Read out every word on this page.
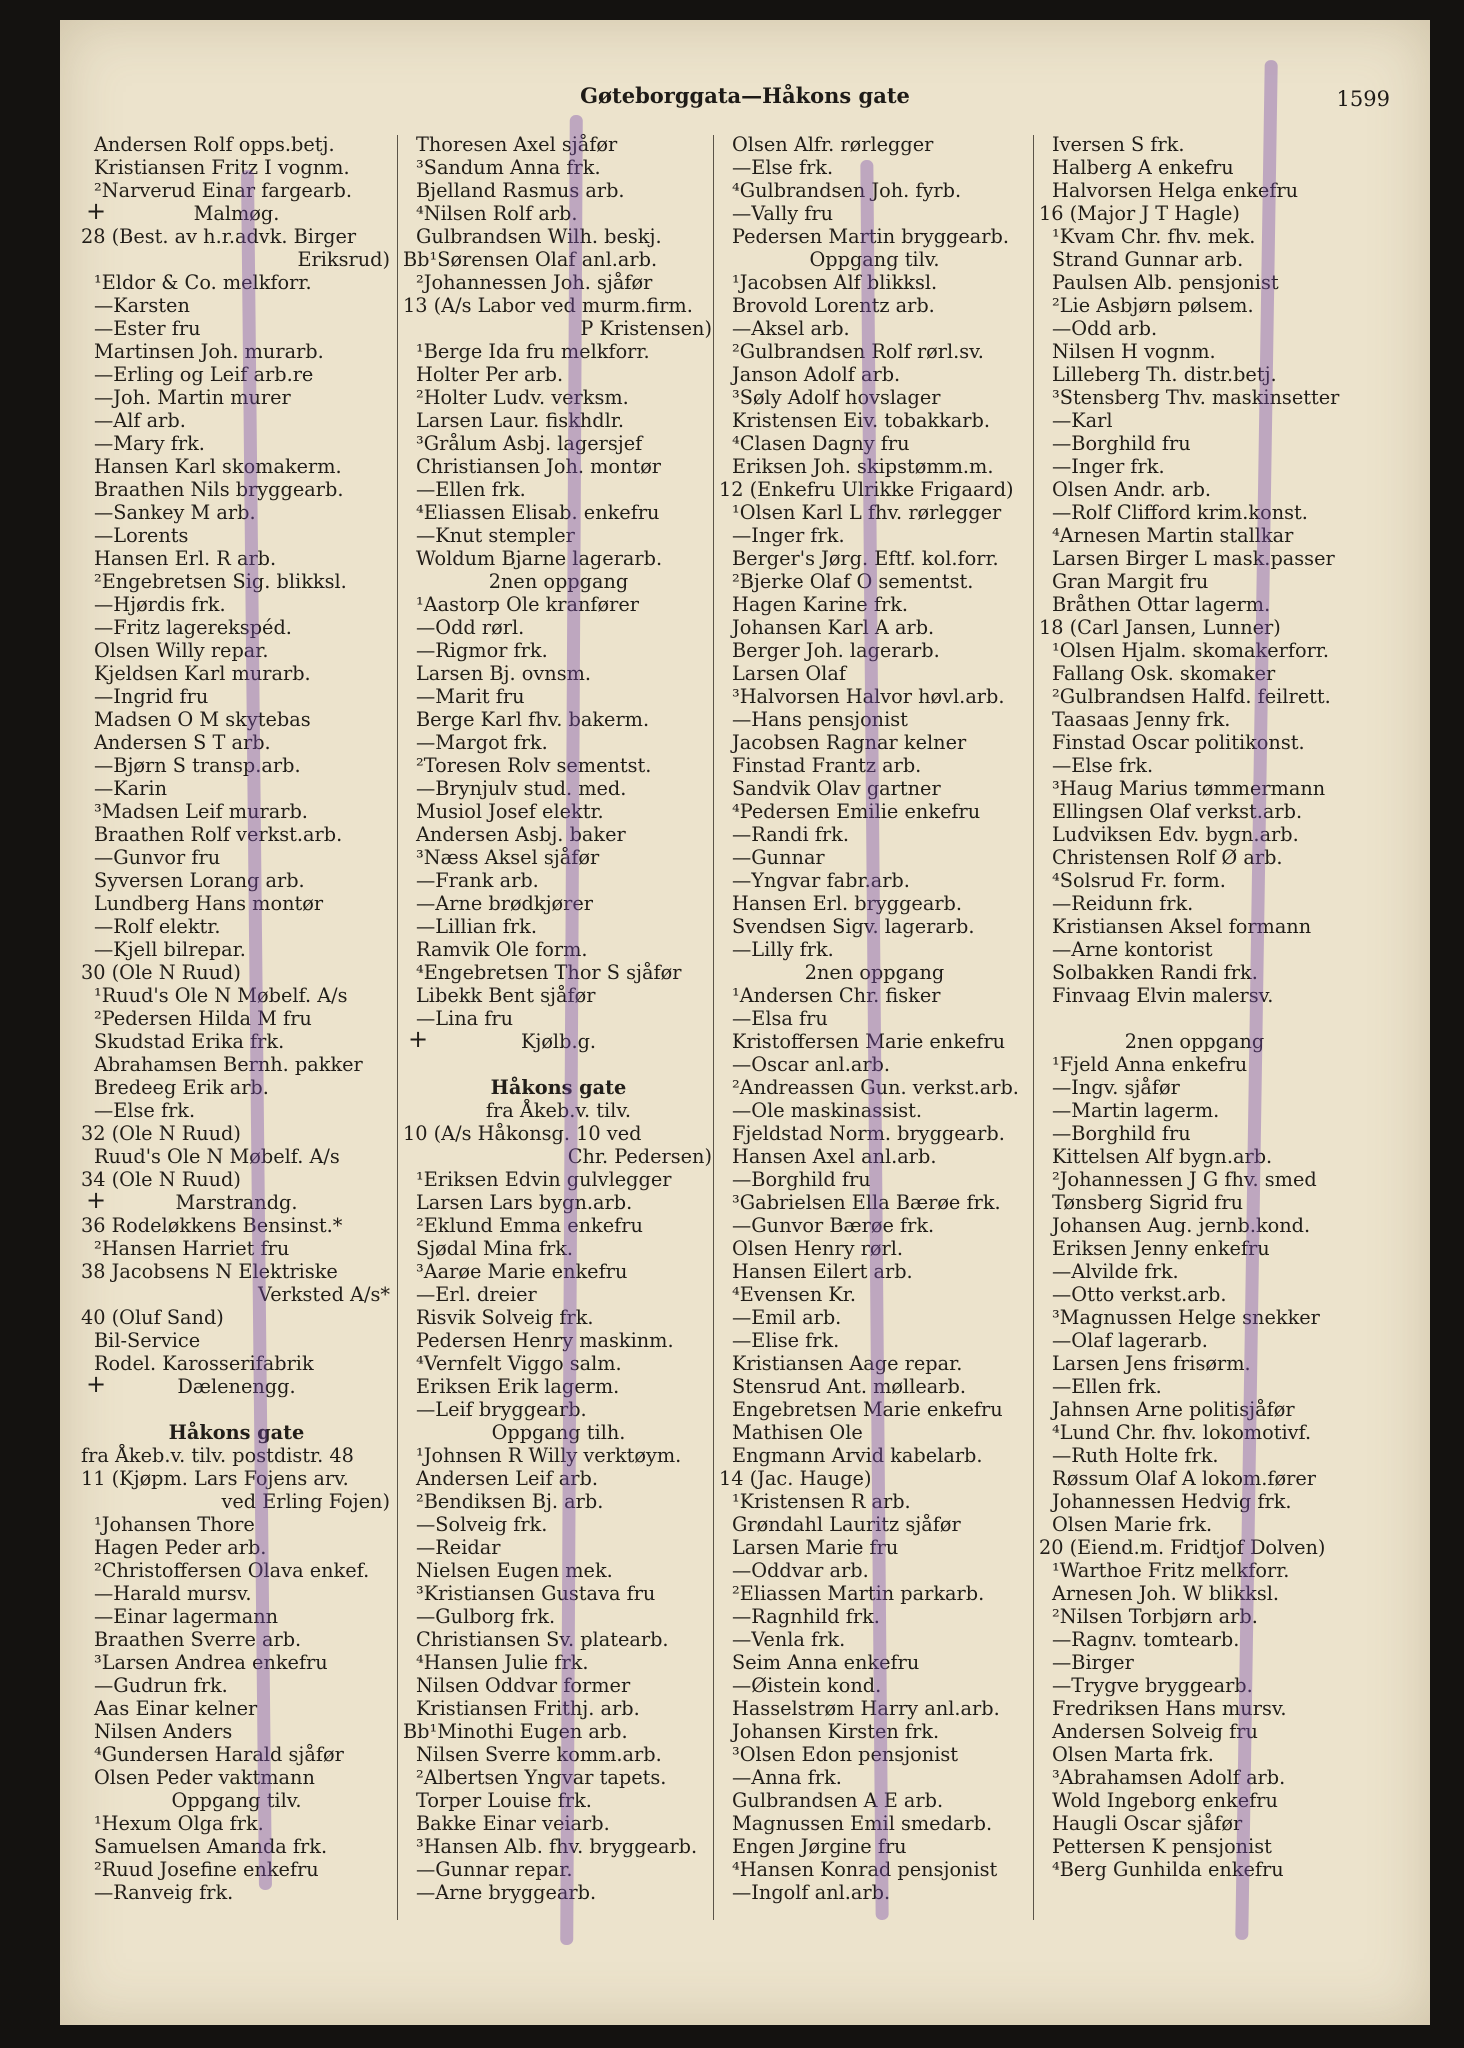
Gøteborggata—Håkons gate	1599
Andersen Rolf opps.betj.
Kristiansen Fritz I vognm.
²Narverud Einar fargearb.
+	Malmøg.
28 (Best. av h.r.advk. Birger
Eriksrud)
¹Eldor & Co. melkforr.
—Karsten
—Ester fru
Martinsen Joh. murarb.
—Erling og Leif arb.re
—Joh. Martin murer
—Alf arb.
—Mary frk.
Hansen Karl skomakerm.
Braathen Nils bryggearb.
—Sankey M arb.
—Lorents
Hansen Erl. R arb.
²Engebretsen Sig. blikksl.
—Hjørdis frk.
—Fritz lagerekspéd.
Olsen Willy repar.
Kjeldsen Karl murarb.
—Ingrid fru
Madsen O M skytebas
Andersen S T arb.
—Bjørn S transp.arb.
—Karin
³Madsen Leif murarb.
Braathen Rolf verkst.arb.
—Gunvor fru
Syversen Lorang arb.
Lundberg Hans montør
—Rolf elektr.
—Kjell bilrepar.
30 (Ole N Ruud)
¹Ruud's Ole N Møbelf. A/s
²Pedersen Hilda M fru
Skudstad Erika frk.
Abrahamsen Bernh. pakker
Bredeeg Erik arb.
—Else frk.
32 (Ole N Ruud)
Ruud's Ole N Møbelf. A/s
34 (Ole N Ruud)
+	Marstrandg.
36 Rodeløkkens Bensinst.*
²Hansen Harriet fru
38 Jacobsens N Elektriske
Verksted A/s*
40 (Oluf Sand)
Bil-Service
Rodel. Karosserifabrik
+	Dælenengg.
Håkons gate
fra Åkeb.v. tilv. postdistr. 48
11 (Kjøpm. Lars Fojens arv.
ved Erling Fojen)
¹Johansen Thore
Hagen Peder arb.
²Christoffersen Olava enkef.
—Harald mursv.
—Einar lagermann
Braathen Sverre arb.
³Larsen Andrea enkefru
—Gudrun frk.
Aas Einar kelner
Nilsen Anders
⁴Gundersen Harald sjåfør
Olsen Peder vaktmann
Oppgang tilv.
¹Hexum Olga frk.
Samuelsen Amanda frk.
²Ruud Josefine enkefru
—Ranveig frk.
Thoresen Axel sjåfør
³Sandum Anna frk.
Bjelland Rasmus arb.
⁴Nilsen Rolf arb.
Gulbrandsen Wilh. beskj.
Bb¹Sørensen Olaf anl.arb.
²Johannessen Joh. sjåfør
13 (A/s Labor ved murm.firm.
P Kristensen)
¹Berge Ida fru melkforr.
Holter Per arb.
²Holter Ludv. verksm.
Larsen Laur. fiskhdlr.
³Grålum Asbj. lagersjef
Christiansen Joh. montør
—Ellen frk.
⁴Eliassen Elisab. enkefru
—Knut stempler
Woldum Bjarne lagerarb.
2nen oppgang
¹Aastorp Ole kranfører
—Odd rørl.
—Rigmor frk.
Larsen Bj. ovnsm.
—Marit fru
Berge Karl fhv. bakerm.
—Margot frk.
²Toresen Rolv sementst.
—Brynjulv stud. med.
Musiol Josef elektr.
Andersen Asbj. baker
³Næss Aksel sjåfør
—Frank arb.
—Arne brødkjører
—Lillian frk.
Ramvik Ole form.
⁴Engebretsen Thor S sjåfør
Libekk Bent sjåfør
—Lina fru
+	Kjølb.g.
Håkons gate
fra Åkeb.v. tilv.
10 (A/s Håkonsg. 10 ved
Chr. Pedersen)
¹Eriksen Edvin gulvlegger
Larsen Lars bygn.arb.
²Eklund Emma enkefru
Sjødal Mina frk.
³Aarøe Marie enkefru
—Erl. dreier
Risvik Solveig frk.
Pedersen Henry maskinm.
⁴Vernfelt Viggo salm.
Eriksen Erik lagerm.
—Leif bryggearb.
Oppgang tilh.
¹Johnsen R Willy verktøym.
Andersen Leif arb.
²Bendiksen Bj. arb.
—Solveig frk.
—Reidar
Nielsen Eugen mek.
³Kristiansen Gustava fru
—Gulborg frk.
Christiansen Sv. platearb.
⁴Hansen Julie frk.
Nilsen Oddvar former
Kristiansen Frithj. arb.
Bb¹Minothi Eugen arb.
Nilsen Sverre komm.arb.
²Albertsen Yngvar tapets.
Torper Louise frk.
Bakke Einar veiarb.
³Hansen Alb. fhv. bryggearb.
—Gunnar repar.
—Arne bryggearb.
Olsen Alfr. rørlegger
—Else frk.
⁴Gulbrandsen Joh. fyrb.
—Vally fru
Pedersen Martin bryggearb.
Oppgang tilv.
¹Jacobsen Alf blikksl.
Brovold Lorentz arb.
—Aksel arb.
²Gulbrandsen Rolf rørl.sv.
Janson Adolf arb.
³Søly Adolf hovslager
Kristensen Eiv. tobakkarb.
⁴Clasen Dagny fru
Eriksen Joh. skipstømm.m.
12 (Enkefru Ulrikke Frigaard)
¹Olsen Karl L fhv. rørlegger
—Inger frk.
Berger's Jørg. Eftf. kol.forr.
²Bjerke Olaf O sementst.
Hagen Karine frk.
Johansen Karl A arb.
Berger Joh. lagerarb.
Larsen Olaf
³Halvorsen Halvor høvl.arb.
—Hans pensjonist
Jacobsen Ragnar kelner
Finstad Frantz arb.
Sandvik Olav gartner
⁴Pedersen Emilie enkefru
—Randi frk.
—Gunnar
—Yngvar fabr.arb.
Hansen Erl. bryggearb.
Svendsen Sigv. lagerarb.
—Lilly frk.
2nen oppgang
¹Andersen Chr. fisker
—Elsa fru
Kristoffersen Marie enkefru
—Oscar anl.arb.
²Andreassen Gun. verkst.arb.
—Ole maskinassist.
Fjeldstad Norm. bryggearb.
Hansen Axel anl.arb.
—Borghild fru
³Gabrielsen Ella Bærøe frk.
—Gunvor Bærøe frk.
Olsen Henry rørl.
Hansen Eilert arb.
⁴Evensen Kr.
—Emil arb.
—Elise frk.
Kristiansen Aage repar.
Stensrud Ant. møllearb.
Engebretsen Marie enkefru
Mathisen Ole
Engmann Arvid kabelarb.
14 (Jac. Hauge)
¹Kristensen R arb.
Grøndahl Lauritz sjåfør
Larsen Marie fru
—Oddvar arb.
²Eliassen Martin parkarb.
—Ragnhild frk.
—Venla frk.
Seim Anna enkefru
—Øistein kond.
Hasselstrøm Harry anl.arb.
Johansen Kirsten frk.
³Olsen Edon pensjonist
—Anna frk.
Gulbrandsen A E arb.
Magnussen Emil smedarb.
Engen Jørgine fru
⁴Hansen Konrad pensjonist
—Ingolf anl.arb.
Iversen S frk.
Halberg A enkefru
Halvorsen Helga enkefru
16 (Major J T Hagle)
¹Kvam Chr. fhv. mek.
Strand Gunnar arb.
Paulsen Alb. pensjonist
²Lie Asbjørn pølsem.
—Odd arb.
Nilsen H vognm.
Lilleberg Th. distr.betj.
³Stensberg Thv. maskinsetter
—Karl
—Borghild fru
—Inger frk.
Olsen Andr. arb.
—Rolf Clifford krim.konst.
⁴Arnesen Martin stallkar
Larsen Birger L mask.passer
Gran Margit fru
Bråthen Ottar lagerm.
18 (Carl Jansen, Lunner)
¹Olsen Hjalm. skomakerforr.
Fallang Osk. skomaker
²Gulbrandsen Halfd. feilrett.
Taasaas Jenny frk.
Finstad Oscar politikonst.
—Else frk.
³Haug Marius tømmermann
Ellingsen Olaf verkst.arb.
Ludviksen Edv. bygn.arb.
Christensen Rolf Ø arb.
⁴Solsrud Fr. form.
—Reidunn frk.
Kristiansen Aksel formann
—Arne kontorist
Solbakken Randi frk.
Finvaag Elvin malersv.
2nen oppgang
¹Fjeld Anna enkefru
—Ingv. sjåfør
—Martin lagerm.
—Borghild fru
Kittelsen Alf bygn.arb.
²Johannessen J G fhv. smed
Tønsberg Sigrid fru
Johansen Aug. jernb.kond.
Eriksen Jenny enkefru
—Alvilde frk.
—Otto verkst.arb.
³Magnussen Helge snekker
—Olaf lagerarb.
Larsen Jens frisørm.
—Ellen frk.
Jahnsen Arne politisjåfør
⁴Lund Chr. fhv. lokomotivf.
—Ruth Holte frk.
Røssum Olaf A lokom.fører
Johannessen Hedvig frk.
Olsen Marie frk.
20 (Eiend.m. Fridtjof Dolven)
¹Warthoe Fritz melkforr.
Arnesen Joh. W blikksl.
²Nilsen Torbjørn arb.
—Ragnv. tomtearb.
—Birger
—Trygve bryggearb.
Fredriksen Hans mursv.
Andersen Solveig fru
Olsen Marta frk.
³Abrahamsen Adolf arb.
Wold Ingeborg enkefru
Haugli Oscar sjåfør
Pettersen K pensjonist
⁴Berg Gunhilda enkefru
